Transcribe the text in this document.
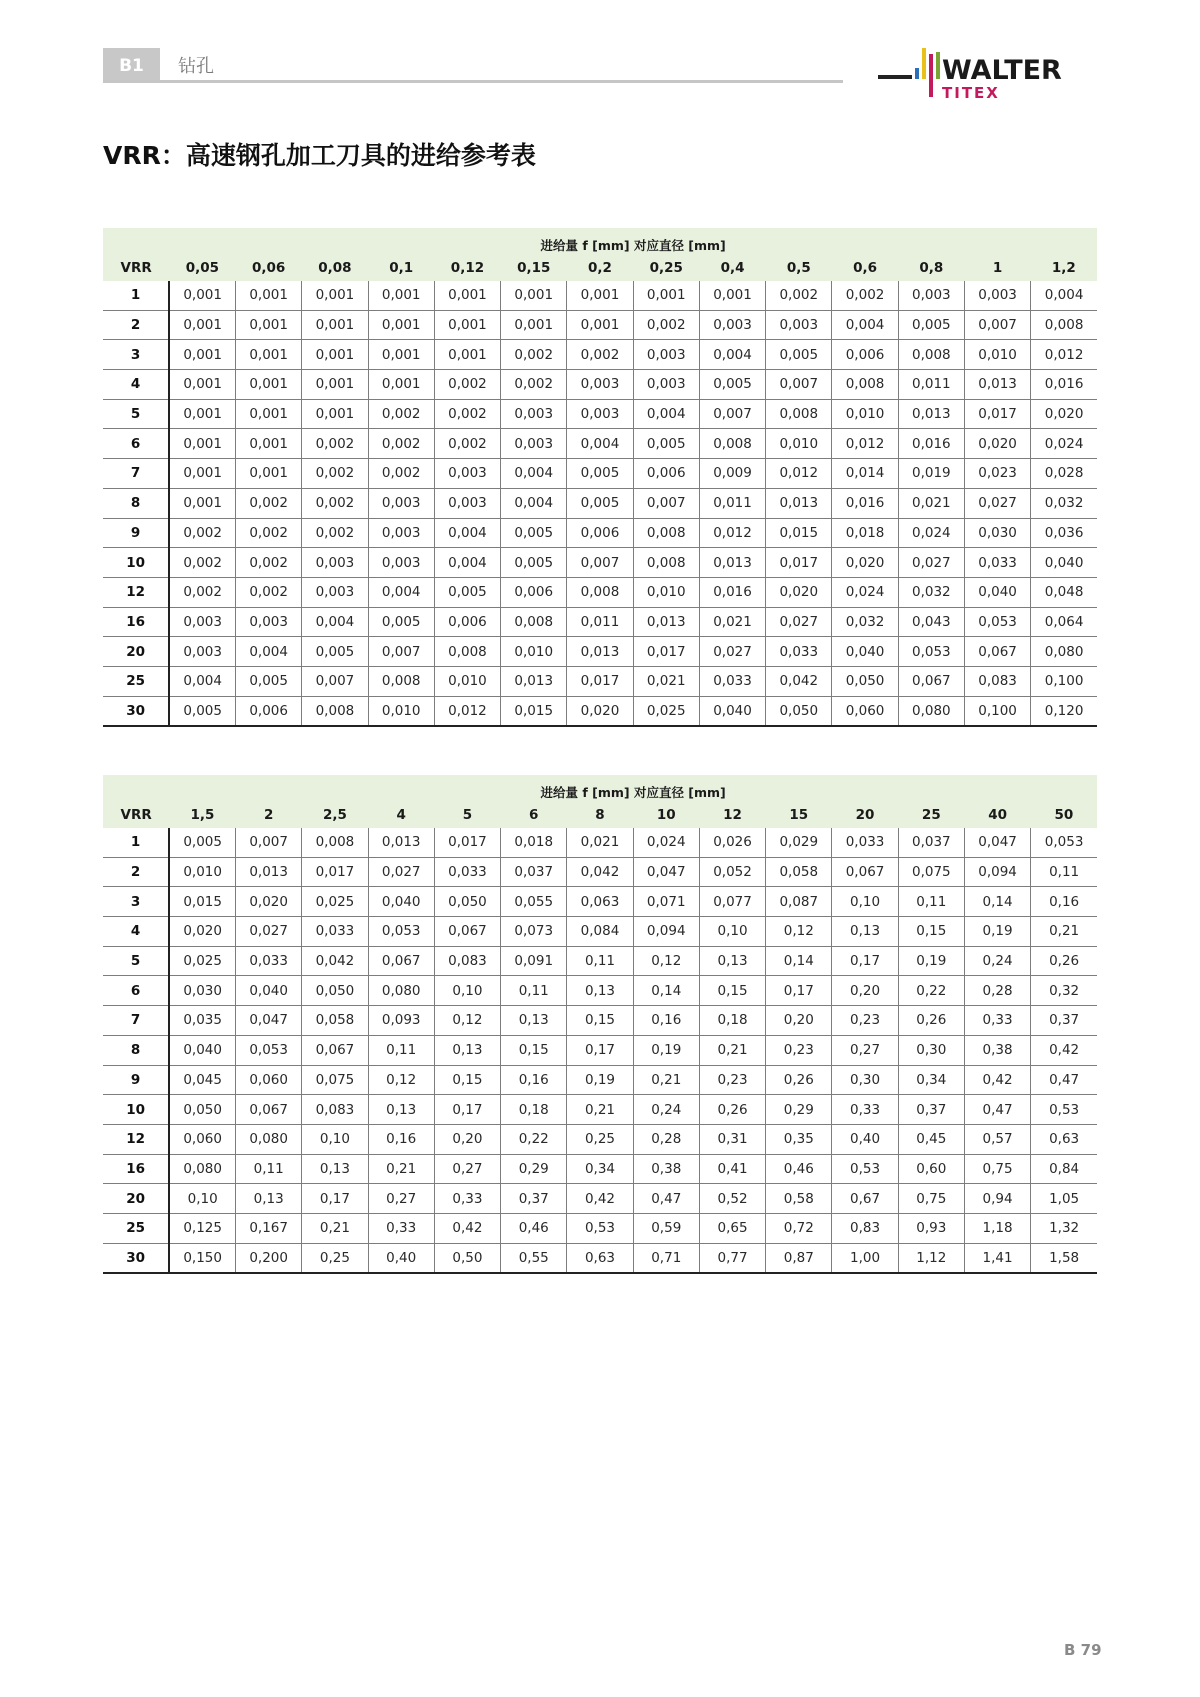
B1	钻孔	WALTER
TITEX
VRR：高速钢孔加工刀具的进给参考表
	进给量 f [mm] 对应直径 [mm]													
VRR	0,05	0,06	0,08	0,1	0,12	0,15	0,2	0,25	0,4	0,5	0,6	0,8	1	1,2
1	0,001	0,001	0,001	0,001	0,001	0,001	0,001	0,001	0,001	0,002	0,002	0,003	0,003	0,004
2	0,001	0,001	0,001	0,001	0,001	0,001	0,001	0,002	0,003	0,003	0,004	0,005	0,007	0,008
3	0,001	0,001	0,001	0,001	0,001	0,002	0,002	0,003	0,004	0,005	0,006	0,008	0,010	0,012
4	0,001	0,001	0,001	0,001	0,002	0,002	0,003	0,003	0,005	0,007	0,008	0,011	0,013	0,016
5	0,001	0,001	0,001	0,002	0,002	0,003	0,003	0,004	0,007	0,008	0,010	0,013	0,017	0,020
6	0,001	0,001	0,002	0,002	0,002	0,003	0,004	0,005	0,008	0,010	0,012	0,016	0,020	0,024
7	0,001	0,001	0,002	0,002	0,003	0,004	0,005	0,006	0,009	0,012	0,014	0,019	0,023	0,028
8	0,001	0,002	0,002	0,003	0,003	0,004	0,005	0,007	0,011	0,013	0,016	0,021	0,027	0,032
9	0,002	0,002	0,002	0,003	0,004	0,005	0,006	0,008	0,012	0,015	0,018	0,024	0,030	0,036
10	0,002	0,002	0,003	0,003	0,004	0,005	0,007	0,008	0,013	0,017	0,020	0,027	0,033	0,040
12	0,002	0,002	0,003	0,004	0,005	0,006	0,008	0,010	0,016	0,020	0,024	0,032	0,040	0,048
16	0,003	0,003	0,004	0,005	0,006	0,008	0,011	0,013	0,021	0,027	0,032	0,043	0,053	0,064
20	0,003	0,004	0,005	0,007	0,008	0,010	0,013	0,017	0,027	0,033	0,040	0,053	0,067	0,080
25	0,004	0,005	0,007	0,008	0,010	0,013	0,017	0,021	0,033	0,042	0,050	0,067	0,083	0,100
30	0,005	0,006	0,008	0,010	0,012	0,015	0,020	0,025	0,040	0,050	0,060	0,080	0,100	0,120
	进给量 f [mm] 对应直径 [mm]													
VRR	1,5	2	2,5	4	5	6	8	10	12	15	20	25	40	50
1	0,005	0,007	0,008	0,013	0,017	0,018	0,021	0,024	0,026	0,029	0,033	0,037	0,047	0,053
2	0,010	0,013	0,017	0,027	0,033	0,037	0,042	0,047	0,052	0,058	0,067	0,075	0,094	0,11
3	0,015	0,020	0,025	0,040	0,050	0,055	0,063	0,071	0,077	0,087	0,10	0,11	0,14	0,16
4	0,020	0,027	0,033	0,053	0,067	0,073	0,084	0,094	0,10	0,12	0,13	0,15	0,19	0,21
5	0,025	0,033	0,042	0,067	0,083	0,091	0,11	0,12	0,13	0,14	0,17	0,19	0,24	0,26
6	0,030	0,040	0,050	0,080	0,10	0,11	0,13	0,14	0,15	0,17	0,20	0,22	0,28	0,32
7	0,035	0,047	0,058	0,093	0,12	0,13	0,15	0,16	0,18	0,20	0,23	0,26	0,33	0,37
8	0,040	0,053	0,067	0,11	0,13	0,15	0,17	0,19	0,21	0,23	0,27	0,30	0,38	0,42
9	0,045	0,060	0,075	0,12	0,15	0,16	0,19	0,21	0,23	0,26	0,30	0,34	0,42	0,47
10	0,050	0,067	0,083	0,13	0,17	0,18	0,21	0,24	0,26	0,29	0,33	0,37	0,47	0,53
12	0,060	0,080	0,10	0,16	0,20	0,22	0,25	0,28	0,31	0,35	0,40	0,45	0,57	0,63
16	0,080	0,11	0,13	0,21	0,27	0,29	0,34	0,38	0,41	0,46	0,53	0,60	0,75	0,84
20	0,10	0,13	0,17	0,27	0,33	0,37	0,42	0,47	0,52	0,58	0,67	0,75	0,94	1,05
25	0,125	0,167	0,21	0,33	0,42	0,46	0,53	0,59	0,65	0,72	0,83	0,93	1,18	1,32
30	0,150	0,200	0,25	0,40	0,50	0,55	0,63	0,71	0,77	0,87	1,00	1,12	1,41	1,58
B 79
